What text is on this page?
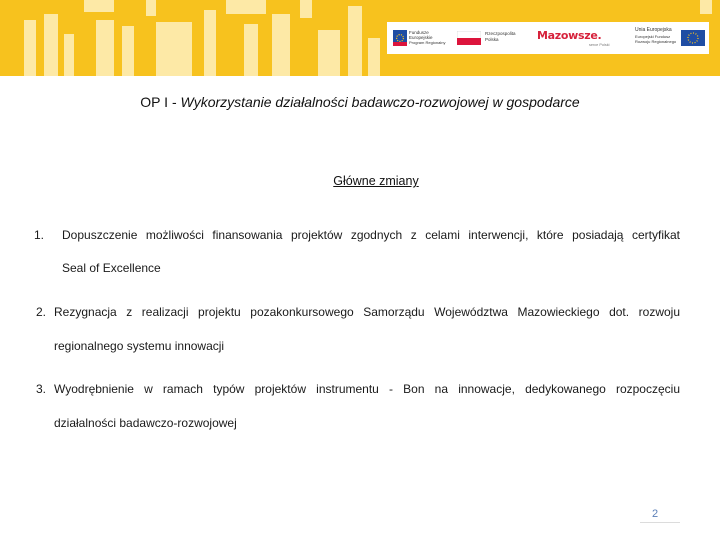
Fundusze
Europejskie
Program Regionalny
Rzeczpospolita
Polska	Mazowsze.
serce Polski
Unia Europejska
Europejski Fundusz
Rozwoju Regionalnego
OP I - Wykorzystanie działalności badawczo-rozwojowej w gospodarce
Główne zmiany
1. Dopuszczenie możliwości finansowania projektów zgodnych z celami interwencji, które posiadają certyfikat
Seal of Excellence
2. Rezygnacja z realizacji projektu pozakonkursowego Samorządu Województwa Mazowieckiego dot. rozwoju
regionalnego systemu innowacji
3. Wyodrębnienie w ramach typów projektów instrumentu - Bon na innowacje, dedykowanego rozpoczęciu
działalności badawczo-rozwojowej
2
